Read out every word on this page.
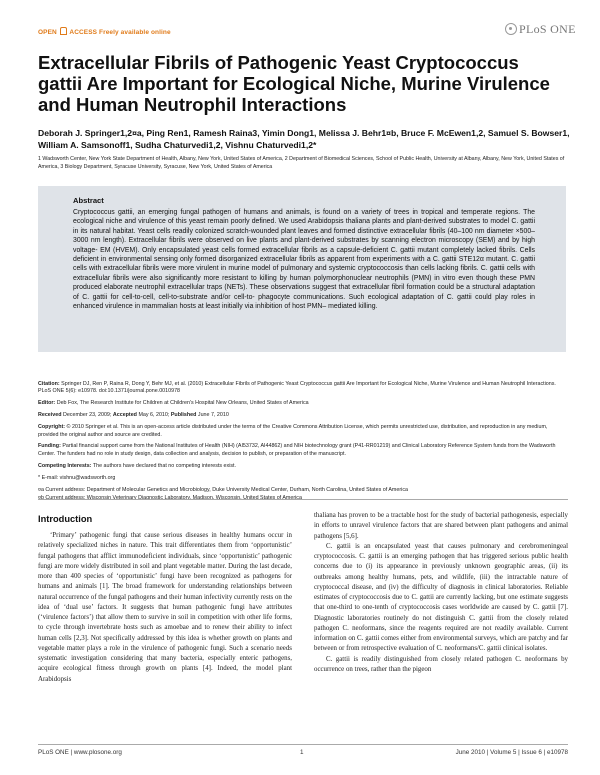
OPEN ACCESS Freely available online	PLoS ONE
Extracellular Fibrils of Pathogenic Yeast Cryptococcus gattii Are Important for Ecological Niche, Murine Virulence and Human Neutrophil Interactions
Deborah J. Springer1,2¤a, Ping Ren1, Ramesh Raina3, Yimin Dong1, Melissa J. Behr1¤b, Bruce F. McEwen1,2, Samuel S. Bowser1, William A. Samsonoff1, Sudha Chaturvedi1,2, Vishnu Chaturvedi1,2*
1 Wadsworth Center, New York State Department of Health, Albany, New York, United States of America, 2 Department of Biomedical Sciences, School of Public Health, University at Albany, Albany, New York, United States of America, 3 Biology Department, Syracuse University, Syracuse, New York, United States of America
Abstract

Cryptococcus gattii, an emerging fungal pathogen of humans and animals, is found on a variety of trees in tropical and temperate regions. The ecological niche and virulence of this yeast remain poorly defined. We used Arabidopsis thaliana plants and plant-derived substrates to model C. gattii in its natural habitat. Yeast cells readily colonized scratch-wounded plant leaves and formed distinctive extracellular fibrils (40–100 nm diameter ×500–3000 nm length). Extracellular fibrils were observed on live plants and plant-derived substrates by scanning electron microscopy (SEM) and by high voltage- EM (HVEM). Only encapsulated yeast cells formed extracellular fibrils as a capsule-deficient C. gattii mutant completely lacked fibrils. Cells deficient in environmental sensing only formed disorganized extracellular fibrils as apparent from experiments with a C. gattii STE12α mutant. C. gattii cells with extracellular fibrils were more virulent in murine model of pulmonary and systemic cryptococcosis than cells lacking fibrils. C. gattii cells with extracellular fibrils were also significantly more resistant to killing by human polymorphonuclear neutrophils (PMN) in vitro even though these PMN produced elaborate neutrophil extracellular traps (NETs). These observations suggest that extracellular fibril formation could be a structural adaptation of C. gattii for cell-to-cell, cell-to-substrate and/or cell-to- phagocyte communications. Such ecological adaptation of C. gattii could play roles in enhanced virulence in mammalian hosts at least initially via inhibition of host PMN– mediated killing.

Citation: Springer DJ, Ren P, Raina R, Dong Y, Behr MJ, et al. (2010) Extracellular Fibrils of Pathogenic Yeast Cryptococcus gattii Are Important for Ecological Niche, Murine Virulence and Human Neutrophil Interactions. PLoS ONE 5(6): e10978. doi:10.1371/journal.pone.0010978

Editor: Deb Fox, The Research Institute for Children at Children's Hospital New Orleans, United States of America

Received December 23, 2009; Accepted May 6, 2010; Published June 7, 2010

Copyright: © 2010 Springer et al. This is an open-access article distributed under the terms of the Creative Commons Attribution License, which permits unrestricted use, distribution, and reproduction in any medium, provided the original author and source are credited.

Funding: Partial financial support came from the National Institutes of Health (NIH) (AI53732, AI44862) and NIH biotechnology grant (P41-RR01219) and Clinical Laboratory Reference System funds from the Wadsworth Center. The funders had no role in study design, data collection and analysis, decision to publish, or preparation of the manuscript.

Competing Interests: The authors have declared that no competing interests exist.

* E-mail: vishnu@wadsworth.org

¤a Current address: Department of Molecular Genetics and Microbiology, Duke University Medical Center, Durham, North Carolina, United States of America

¤b Current address: Wisconsin Veterinary Diagnostic Laboratory, Madison, Wisconsin, United States of America

Introduction

‘Primary’ pathogenic fungi that cause serious diseases in healthy humans occur in relatively specialized niches in nature. This trait differentiates them from ‘opportunistic’ fungal pathogens that afflict immunodeficient individuals, since ‘opportunistic’ pathogenic fungi are more widely distributed in soil and plant vegetable matter. During the last decade, more than 400 species of ‘opportunistic’ fungi have been recognized as pathogens for humans and animals [1]. The broad framework for understanding relationships between natural occurrence of the fungal pathogens and their human infectivity currently rests on the idea of ‘dual use’ factors. It suggests that human pathogenic fungi have attributes (‘virulence factors’) that allow them to survive in soil in competition with other life forms, to cycle through invertebrate hosts such as amoebae and to renew their ability to infect human cells [2,3]. Not specifically addressed by this idea is whether growth on plants and vegetable matter plays a role in the virulence of pathogenic fungi. Such a scenario needs systematic investigation considering that many bacteria, especially enteric pathogens, acquire ecological fitness through growth on plants [4]. Indeed, the model plant Arabidopsis

thaliana has proven to be a tractable host for the study of bacterial pathogenesis, especially in efforts to unravel virulence factors that are shared between plant pathogens and animal pathogens [5,6].

C. gattii is an encapsulated yeast that causes pulmonary and cerebromeningeal cryptococcosis. C. gattii is an emerging pathogen that has triggered serious public health concerns due to (i) its appearance in previously unknown geographic areas, (ii) its outbreaks among healthy humans, pets, and wildlife, (iii) the intractable nature of cryptococcal disease, and (iv) the difficulty of diagnosis in clinical laboratories. Reliable estimates of cryptococcosis due to C. gattii are currently lacking, but one estimate suggests that one-third to one-tenth of cryptococcosis cases worldwide are caused by C. gattii [7]. Diagnostic laboratories routinely do not distinguish C. gattii from the closely related pathogen C. neoformans, since the reagents required are not readily available. Current information on C. gattii comes either from environmental surveys, which are patchy and far between or from retrospective evaluation of C. neoformans/C. gattii clinical isolates.

C. gattii is readily distinguished from closely related pathogen C. neoformans by occurrence on trees, rather than the pigeon

PLoS ONE | www.plosone.org	1	June 2010 | Volume 5 | Issue 6 | e10978
